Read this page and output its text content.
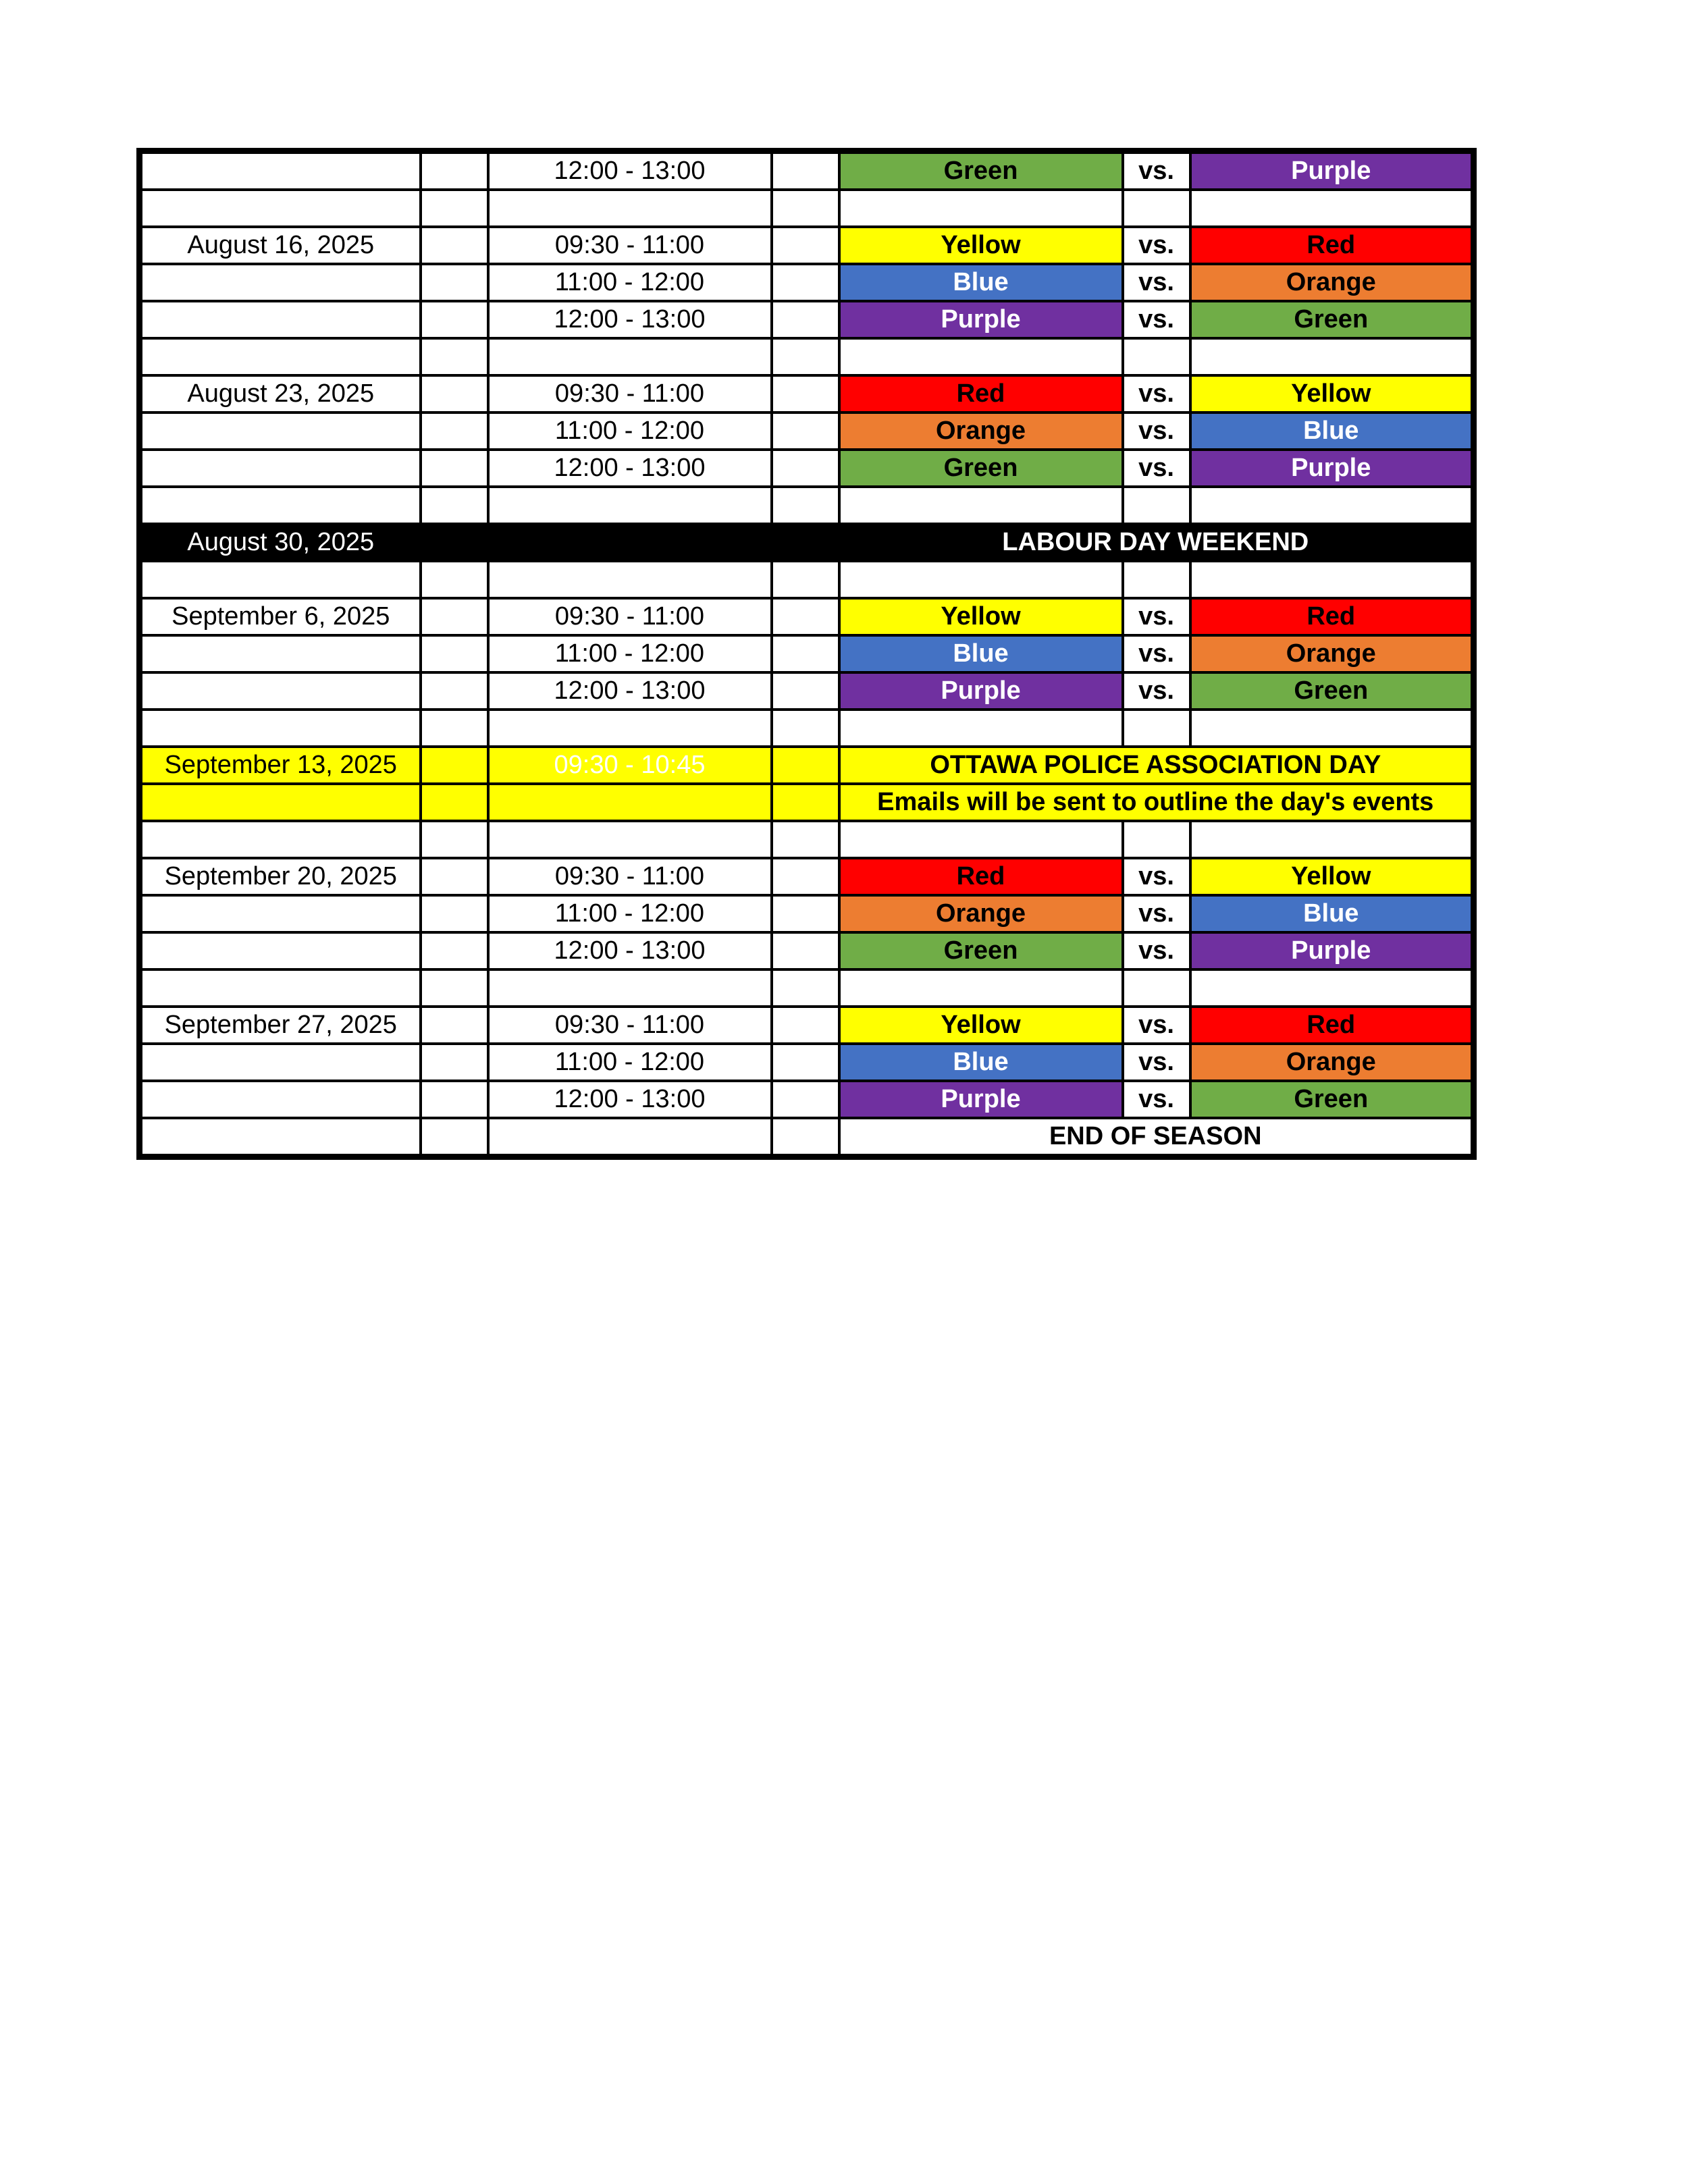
		12:00 - 13:00		Green	vs.	Purple

August 16, 2025		09:30 - 11:00		Yellow	vs.	Red
		11:00 - 12:00		Blue	vs.	Orange
		12:00 - 13:00		Purple	vs.	Green

August 23, 2025		09:30 - 11:00		Red	vs.	Yellow
		11:00 - 12:00		Orange	vs.	Blue
		12:00 - 13:00		Green	vs.	Purple

August 30, 2025				LABOUR DAY WEEKEND		

September 6, 2025		09:30 - 11:00		Yellow	vs.	Red
		11:00 - 12:00		Blue	vs.	Orange
		12:00 - 13:00		Purple	vs.	Green

September 13, 2025		09:30 - 10:45		OTTAWA POLICE ASSOCIATION DAY		
				Emails will be sent to outline the day's events		

September 20, 2025		09:30 - 11:00		Red	vs.	Yellow
		11:00 - 12:00		Orange	vs.	Blue
		12:00 - 13:00		Green	vs.	Purple

September 27, 2025		09:30 - 11:00		Yellow	vs.	Red
		11:00 - 12:00		Blue	vs.	Orange
		12:00 - 13:00		Purple	vs.	Green
				END OF SEASON		
